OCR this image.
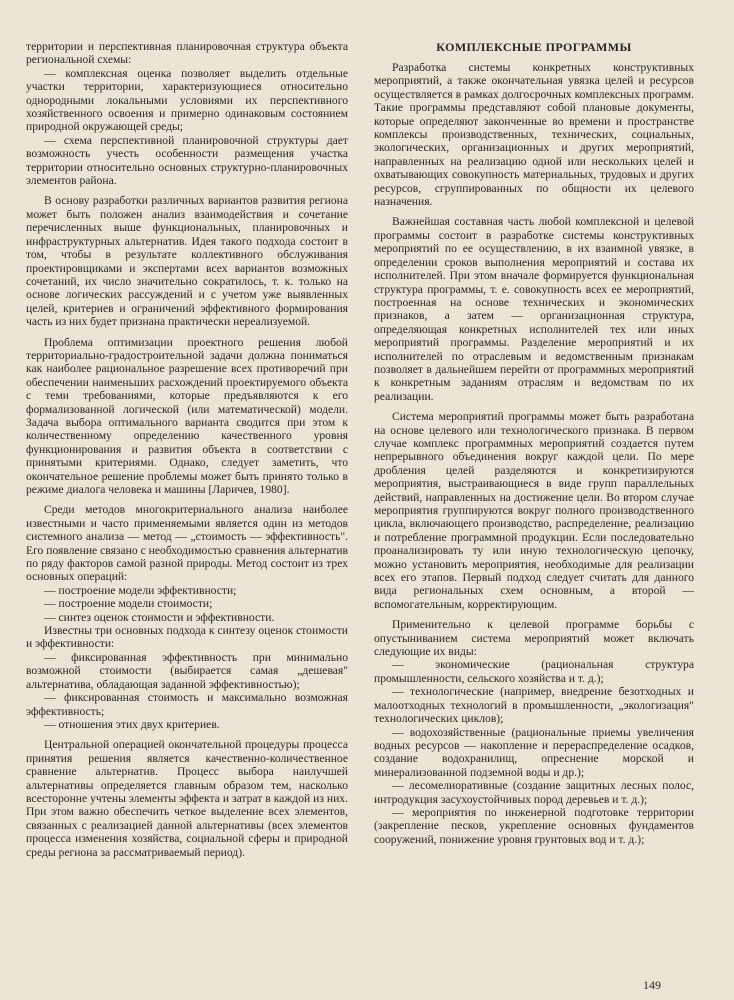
территории и перспективная планировочная структура объекта региональной схемы:

— комплексная оценка позволяет выделить отдельные участки территории, характеризующиеся относительно однородными локальными условиями их перспективного хозяйственного освоения и примерно одинаковым состоянием природной окружающей среды;

— схема перспективной планировочной структуры дает возможность учесть особенности размещения участка территории относительно основных структурно-планировочных элементов района.

В основу разработки различных вариантов развития региона может быть положен анализ взаимодействия и сочетание перечисленных выше функциональных, планировочных и инфраструктурных альтернатив. Идея такого подхода состоит в том, чтобы в результате коллективного обслуживания проектировщиками и экспертами всех вариантов возможных сочетаний, их число значительно сократилось, т. к. только на основе логических рассуждений и с учетом уже выявленных целей, критериев и ограничений эффективного формирования часть из них будет признана практически нереализуемой.

Проблема оптимизации проектного решения любой территориально-градостроительной задачи должна пониматься как наиболее рациональное разрешение всех противоречий при обеспечении наименьших расхождений проектируемого объекта с теми требованиями, которые предъявляются к его формализованной логической (или математической) модели. Задача выбора оптимального варианта сводится при этом к количественному определению качественного уровня функционирования и развития объекта в соответствии с принятыми критериями. Однако, следует заметить, что окончательное решение проблемы может быть принято только в режиме диалога человека и машины [Ларичев, 1980].

Среди методов многокритериального анализа наиболее известными и часто применяемыми является один из методов системного анализа — метод — „стоимость — эффективность". Его появление связано с необходимостью сравнения альтернатив по ряду факторов самой разной природы. Метод состоит из трех основных операций:

— построение модели эффективности;

— построение модели стоимости;

— синтез оценок стоимости и эффективности.

Известны три основных подхода к синтезу оценок стоимости и эффективности:

— фиксированная эффективность при минимально возможной стоимости (выбирается самая „дешевая" альтернатива, обладающая заданной эффективностью);

— фиксированная стоимость и максимально возможная эффективность;

— отношения этих двух критериев.

Центральной операцией окончательной процедуры процесса принятия решения является качественно-количественное сравнение альтернатив. Процесс выбора наилучшей альтернативы определяется главным образом тем, насколько всесторонне учтены элементы эффекта и затрат в каждой из них. При этом важно обеспечить четкое выделение всех элементов, связанных с реализацией данной альтернативы (всех элементов процесса изменения хозяйства, социальной сферы и природной среды региона за рассматриваемый период).

КОМПЛЕКСНЫЕ ПРОГРАММЫ

Разработка системы конкретных конструктивных мероприятий, а также окончательная увязка целей и ресурсов осуществляется в рамках долгосрочных комплексных программ. Такие программы представляют собой плановые документы, которые определяют законченные во времени и пространстве комплексы производственных, технических, социальных, экологических, организационных и других мероприятий, направленных на реализацию одной или нескольких целей и охватывающих совокупность материальных, трудовых и других ресурсов, сгруппированных по общности их целевого назначения.

Важнейшая составная часть любой комплексной и целевой программы состоит в разработке системы конструктивных мероприятий по ее осуществлению, в их взаимной увязке, в определении сроков выполнения мероприятий и состава их исполнителей. При этом вначале формируется функциональная структура программы, т. е. совокупность всех ее мероприятий, построенная на основе технических и экономических признаков, а затем — организационная структура, определяющая конкретных исполнителей тех или иных мероприятий программы. Разделение мероприятий и их исполнителей по отраслевым и ведомственным признакам позволяет в дальнейшем перейти от программных мероприятий к конкретным заданиям отраслям и ведомствам по их реализации.

Система мероприятий программы может быть разработана на основе целевого или технологического признака. В первом случае комплекс программных мероприятий создается путем непрерывного объединения вокруг каждой цели. По мере дробления целей разделяются и конкретизируются мероприятия, выстраивающиеся в виде групп параллельных действий, направленных на достижение цели. Во втором случае мероприятия группируются вокруг полного производственного цикла, включающего производство, распределение, реализацию и потребление программной продукции. Если последовательно проанализировать ту или иную технологическую цепочку, можно установить мероприятия, необходимые для реализации всех его этапов. Первый подход следует считать для данного вида региональных схем основным, а второй — вспомогательным, корректирующим.

Применительно к целевой программе борьбы с опустыниванием система мероприятий может включать следующие их виды:

— экономические (рациональная структура промышленности, сельского хозяйства и т. д.);

— технологические (например, внедрение безотходных и малоотходных технологий в промышленности, „экологизация" технологических циклов);

— водохозяйственные (рациональные приемы увеличения водных ресурсов — накопление и перераспределение осадков, создание водохранилищ, опреснение морской и минерализованной подземной воды и др.);

— лесомелиоративные (создание защитных лесных полос, интродукция засухоустойчивых пород деревьев и т. д.);

— мероприятия по инженерной подготовке территории (закрепление песков, укрепление основных фундаментов сооружений, понижение уровня грунтовых вод и т. д.);

149
